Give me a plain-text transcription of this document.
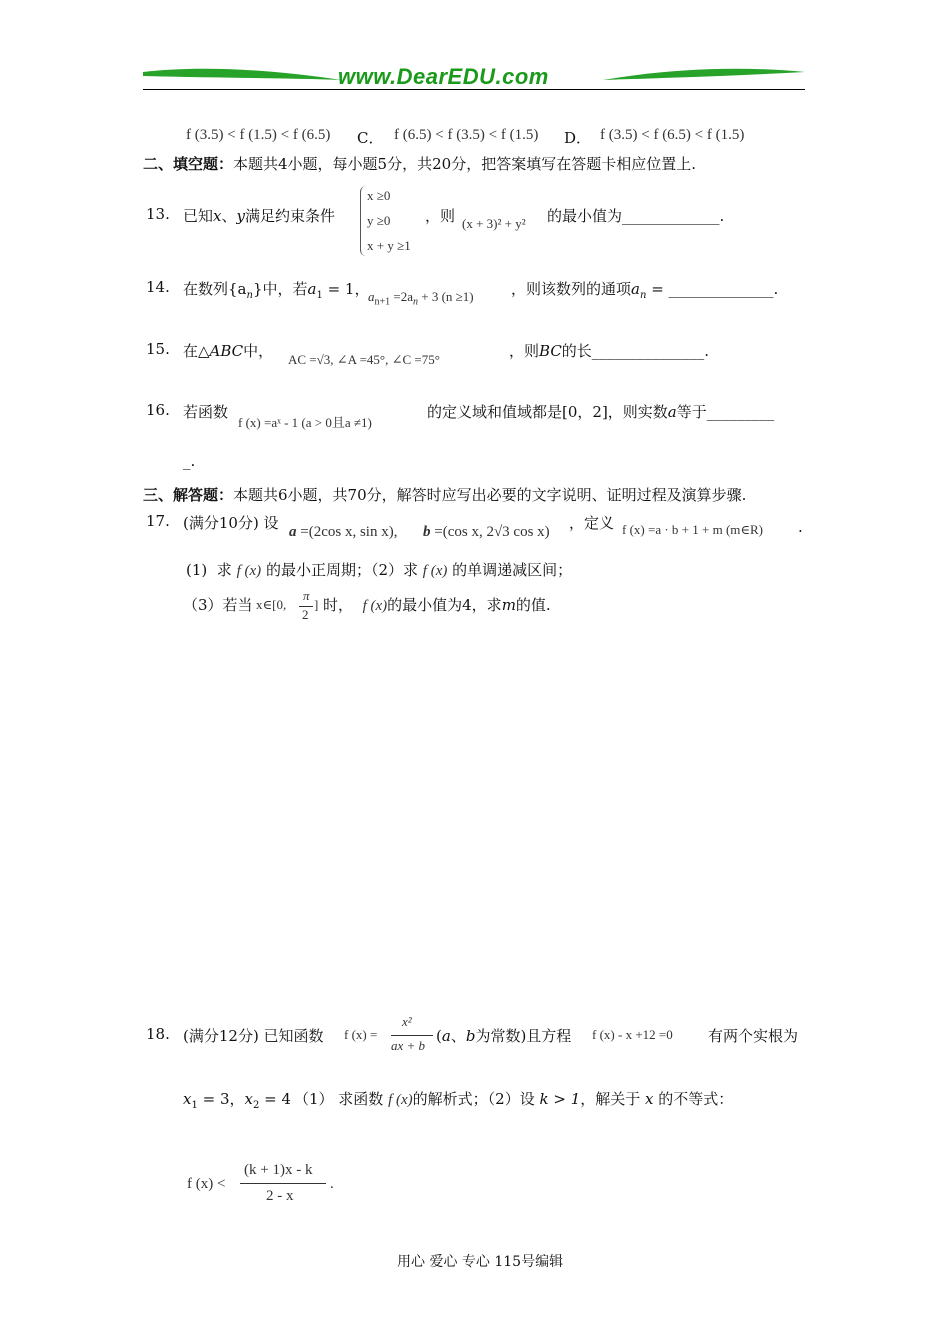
www.DearEDU.com
f (3.5) < f (1.5) < f (6.5) C． f (6.5) < f (3.5) < f (1.5) D． f (3.5) < f (6.5) < f (1.5)
二、填空题：本题共4小题，每小题5分，共20分，把答案填写在答题卡相应位置上.
13. 已知x、y满足约束条件
x ≥0
y ≥0
x + y ≥1
，则 (x + 3)² + y² 的最小值为_____________.
14. 在数列$\{a_n\}$中，若$a_1 = 1$，
$a_{n+1} =2a_n + 3$ (n ≥1) ，则该数列的通项$a_n$ = ______________.
15. 在△ABC中， AC =√3, ∠A =45°, ∠C =75°	，则BC的长_______________.
16. 若函数
f (x) =aˣ - 1 (a > 0且a ≠1)
的定义域和值域都是[0，2]，则实数a等于_________
_.
三、解答题：本题共6小题，共70分，解答时应写出必要的文字说明、证明过程及演算步骤.
17. (满分10分) 设 a =(2cos x, sin x), b =(cos x, 2√3 cos x) ，定义 f (x) =a · b + 1 + m (m∈R) .
(1) 求 f (x) 的最小正周期；（2）求 f (x) 的单调递减区间；
（3）若当 x∈[0,
π
2
] 时， f (x)的最小值为4，求m的值.
18. (满分12分) 已知函数 f (x) =
x²
ax + b
(a、b为常数)且方程 f (x) - x +12 =0 有两个实根为
$x_1 = 3$，$x_2 = 4$ （1） 求函数 f (x)的解析式；（2）设 k > 1，解关于 x 的不等式：
f (x) <
(k + 1)x - k
2 - x
.
用心 爱心 专心 115号编辑
